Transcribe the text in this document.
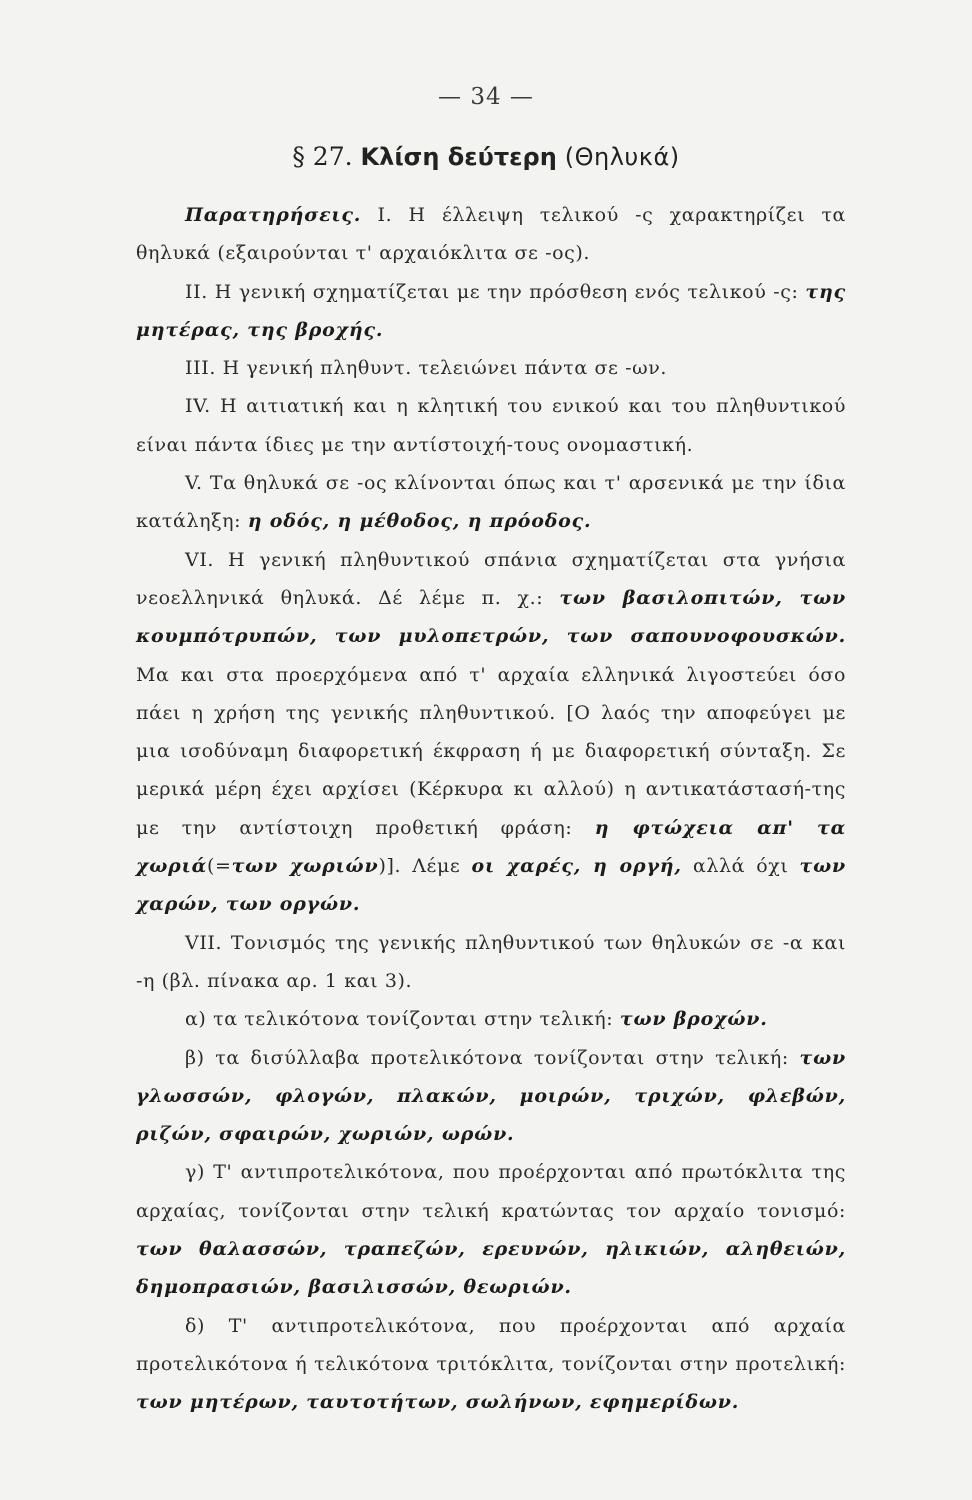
— 34 —
§ 27. Κλίση δεύτερη (Θηλυκά)

Παρατηρήσεις. I. Η έλλειψη τελικού -ς χαρακτηρίζει τα θηλυκά (εξαιρούνται τ' αρχαιόκλιτα σε -ος).

II. Η γενική σχηματίζεται με την πρόσθεση ενός τελικού -ς: της μητέρας, της βροχής.

III. Η γενική πληθυντ. τελειώνει πάντα σε -ων.

IV. Η αιτιατική και η κλητική του ενικού και του πληθυντικού είναι πάντα ίδιες με την αντίστοιχή-τους ονομαστική.

V. Τα θηλυκά σε -ος κλίνονται όπως και τ' αρσενικά με την ίδια κατάληξη: η οδός, η μέθοδος, η πρόοδος.

VI. Η γενική πληθυντικού σπάνια σχηματίζεται στα γνήσια νεοελληνικά θηλυκά. Δέ λέμε π. χ.: των βασιλοπιτών, των κουμπότρυπών, των μυλοπετρών, των σαπουνοφουσκών. Μα και στα προερχόμενα από τ' αρχαία ελληνικά λιγοστεύει όσο πάει η χρήση της γενικής πληθυντικού. [Ο λαός την αποφεύγει με μια ισοδύναμη διαφορετική έκφραση ή με διαφορετική σύνταξη. Σε μερικά μέρη έχει αρχίσει (Κέρκυρα κι αλλού) η αντικατάστασή-της με την αντίστοιχη προθετική φράση: η φτώχεια απ' τα χωριά(=των χωριών)]. Λέμε οι χαρές, η οργή, αλλά όχι των χαρών, των οργών.

VII. Τονισμός της γενικής πληθυντικού των θηλυκών σε -α και -η (βλ. πίνακα αρ. 1 και 3).

α) τα τελικότονα τονίζονται στην τελική: των βροχών.

β) τα δισύλλαβα προτελικότονα τονίζονται στην τελική: των γλωσσών, φλογών, πλακών, μοιρών, τριχών, φλεβών, ριζών, σφαιρών, χωριών, ωρών.

γ) Τ' αντιπροτελικότονα, που προέρχονται από πρωτόκλιτα της αρχαίας, τονίζονται στην τελική κρατώντας τον αρχαίο τονισμό: των θαλασσών, τραπεζών, ερευνών, ηλικιών, αληθειών, δημοπρασιών, βασιλισσών, θεωριών.

δ) Τ' αντιπροτελικότονα, που προέρχονται από αρχαία προτελικότονα ή τελικότονα τριτόκλιτα, τονίζονται στην προτελική: των μητέρων, ταυτοτήτων, σωλήνων, εφημερίδων.
